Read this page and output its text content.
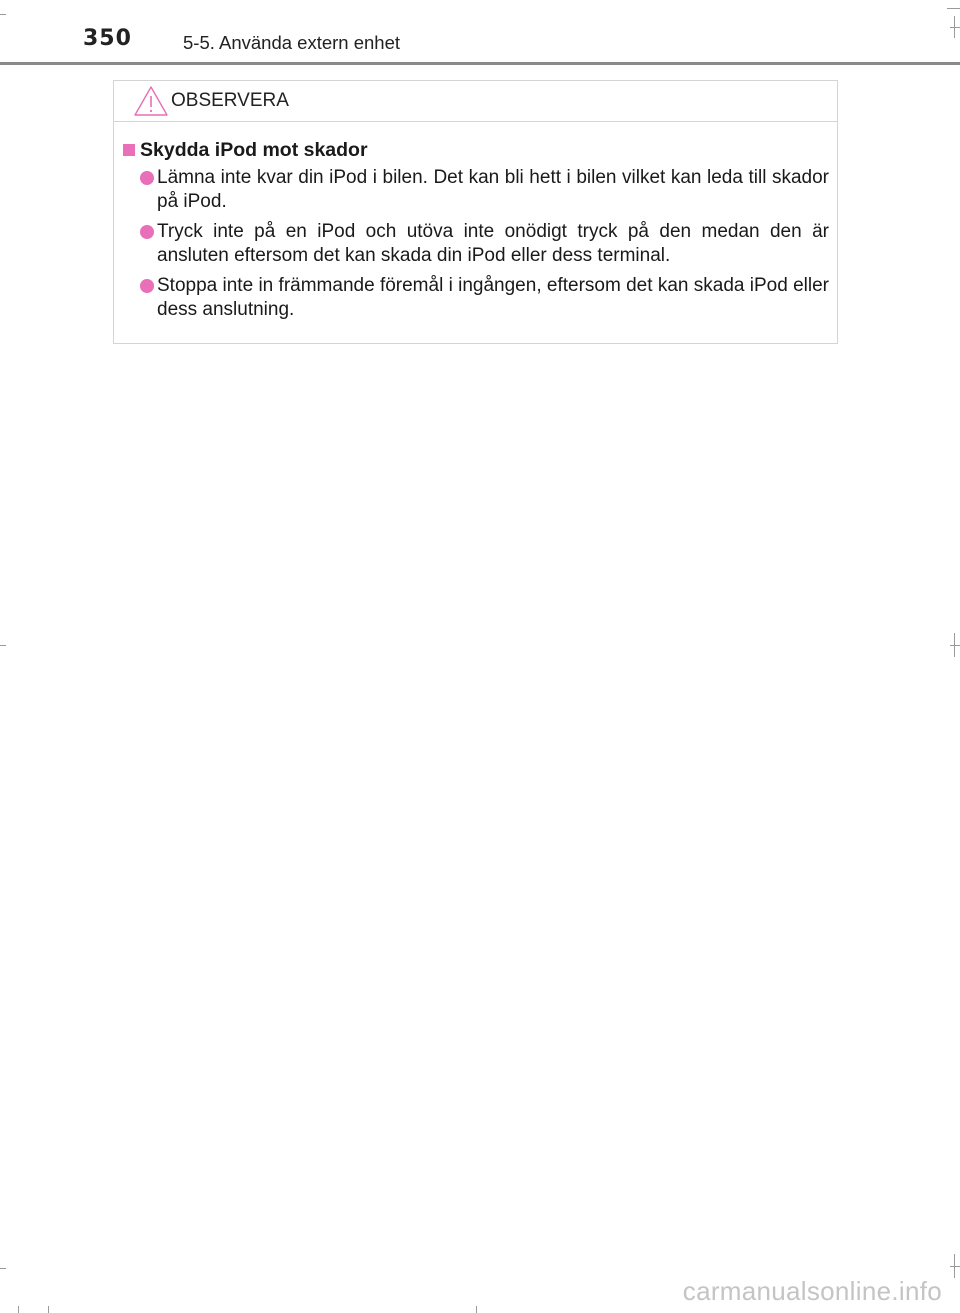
350	5-5. Använda extern enhet
OBSERVERA
Skydda iPod mot skador
Lämna inte kvar din iPod i bilen. Det kan bli hett i bilen vilket kan leda till skador på iPod.
Tryck inte på en iPod och utöva inte onödigt tryck på den medan den är ansluten eftersom det kan skada din iPod eller dess terminal.
Stoppa inte in främmande föremål i ingången, eftersom det kan skada iPod eller dess anslutning.
carmanualsonline.info
